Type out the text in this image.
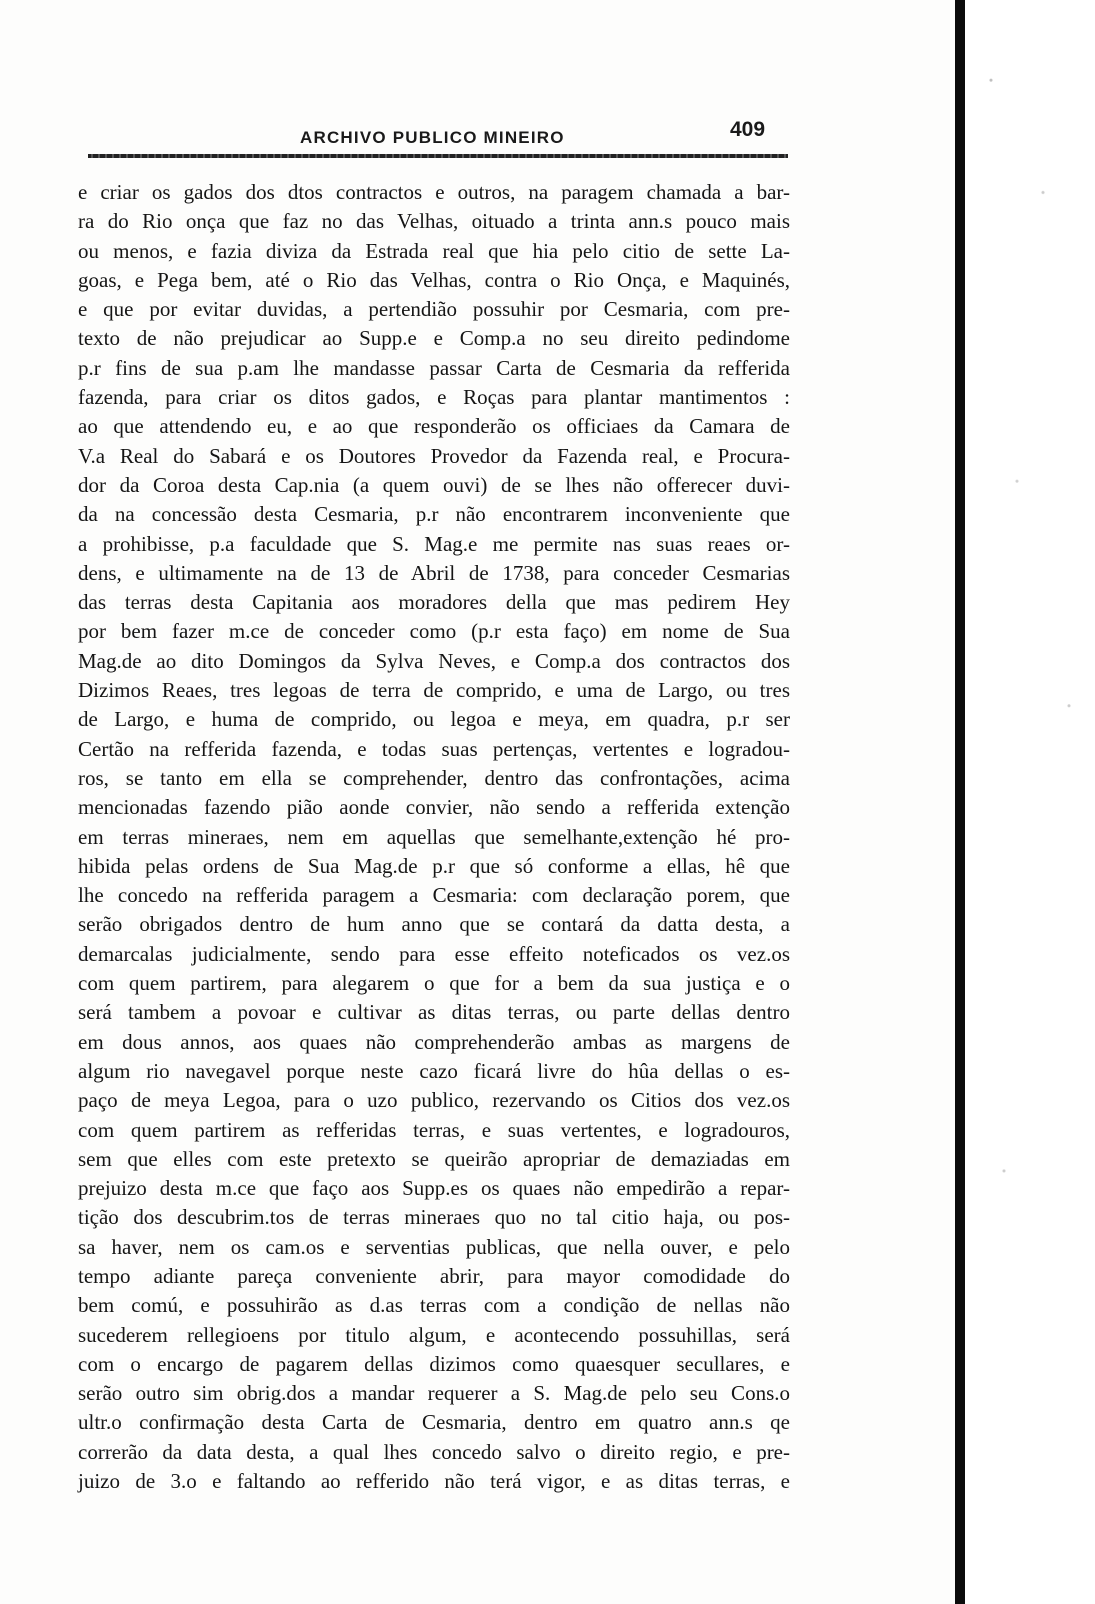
ARCHIVO PUBLICO MINEIRO	409
e criar os gados dos dtos contractos e outros, na paragem chamada a bar-
ra do Rio onça que faz no das Velhas, oituado a trinta ann.s pouco mais
ou menos, e fazia diviza da Estrada real que hia pelo citio de sette La-
goas, e Pega bem, até o Rio das Velhas, contra o Rio Onça, e Maquinés,
e que por evitar duvidas, a pertendião possuhir por Cesmaria, com pre-
texto de não prejudicar ao Supp.e e Comp.a no seu direito pedindome
p.r fins de sua p.am lhe mandasse passar Carta de Cesmaria da refferida
fazenda, para criar os ditos gados, e Roças para plantar mantimentos :
ao que attendendo eu, e ao que responderão os officiaes da Camara de
V.a Real do Sabará e os Doutores Provedor da Fazenda real, e Procura-
dor da Coroa desta Cap.nia (a quem ouvi) de se lhes não offerecer duvi-
da na concessão desta Cesmaria, p.r não encontrarem inconveniente que
a prohibisse, p.a faculdade que S. Mag.e me permite nas suas reaes or-
dens, e ultimamente na de 13 de Abril de 1738, para conceder Cesmarias
das terras desta Capitania aos moradores della que mas pedirem Hey
por bem fazer m.ce de conceder como (p.r esta faço) em nome de Sua
Mag.de ao dito Domingos da Sylva Neves, e Comp.a dos contractos dos
Dizimos Reaes, tres legoas de terra de comprido, e uma de Largo, ou tres
de Largo, e huma de comprido, ou legoa e meya, em quadra, p.r ser
Certão na refferida fazenda, e todas suas pertenças, vertentes e logradou-
ros, se tanto em ella se comprehender, dentro das confrontações, acima
mencionadas fazendo pião aonde convier, não sendo a refferida extenção
em terras mineraes, nem em aquellas que semelhante,extenção hé pro-
hibida pelas ordens de Sua Mag.de p.r que só conforme a ellas, hê que
lhe concedo na refferida paragem a Cesmaria: com declaração porem, que
serão obrigados dentro de hum anno que se contará da datta desta, a
demarcalas judicialmente, sendo para esse effeito noteficados os vez.os
com quem partirem, para alegarem o que for a bem da sua justiça e o
será tambem a povoar e cultivar as ditas terras, ou parte dellas dentro
em dous annos, aos quaes não comprehenderão ambas as margens de
algum rio navegavel porque neste cazo ficará livre do hûa dellas o es-
paço de meya Legoa, para o uzo publico, rezervando os Citios dos vez.os
com quem partirem as refferidas terras, e suas vertentes, e logradouros,
sem que elles com este pretexto se queirão apropriar de demaziadas em
prejuizo desta m.ce que faço aos Supp.es os quaes não empedirão a repar-
tição dos descubrim.tos de terras mineraes quo no tal citio haja, ou pos-
sa haver, nem os cam.os e serventias publicas, que nella ouver, e pelo
tempo adiante pareça conveniente abrir, para mayor comodidade do
bem comú, e possuhirão as d.as terras com a condição de nellas não
sucederem rellegioens por titulo algum, e acontecendo possuhillas, será
com o encargo de pagarem dellas dizimos como quaesquer secullares, e
serão outro sim obrig.dos a mandar requerer a S. Mag.de pelo seu Cons.o
ultr.o confirmação desta Carta de Cesmaria, dentro em quatro ann.s qe
correrão da data desta, a qual lhes concedo salvo o direito regio, e pre-
juizo de 3.o e faltando ao refferido não terá vigor, e as ditas terras, e
